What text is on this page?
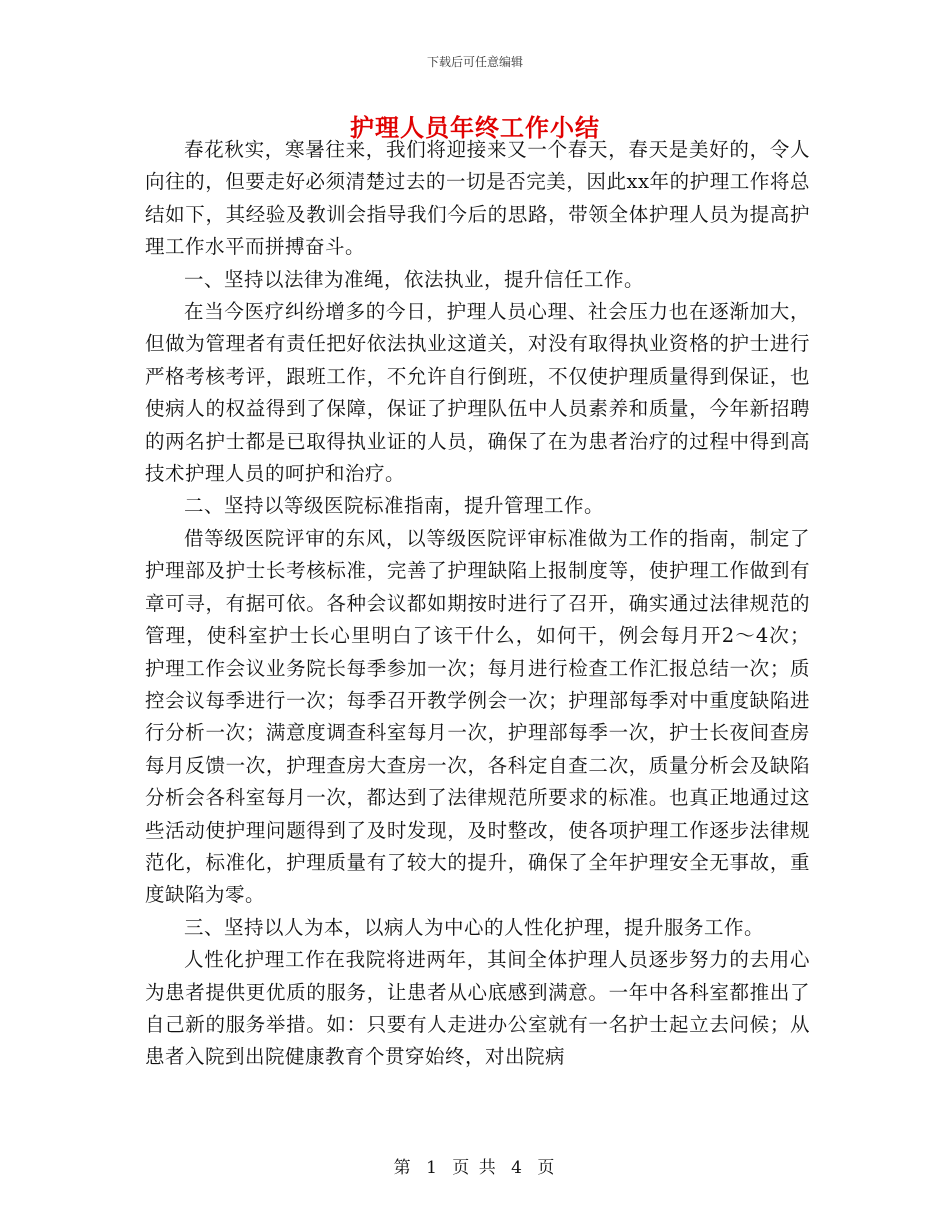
下载后可任意编辑
护理人员年终工作小结

春花秋实，寒暑往来，我们将迎接来又一个春天，春天是美好的，令人向往的，但要走好必须清楚过去的一切是否完美，因此xx年的护理工作将总结如下，其经验及教训会指导我们今后的思路，带领全体护理人员为提高护理工作水平而拼搏奋斗。

一、坚持以法律为准绳，依法执业，提升信任工作。

在当今医疗纠纷增多的今日，护理人员心理、社会压力也在逐渐加大，但做为管理者有责任把好依法执业这道关，对没有取得执业资格的护士进行严格考核考评，跟班工作，不允许自行倒班，不仅使护理质量得到保证，也使病人的权益得到了保障，保证了护理队伍中人员素养和质量，今年新招聘的两名护士都是已取得执业证的人员，确保了在为患者治疗的过程中得到高技术护理人员的呵护和治疗。

二、坚持以等级医院标准指南，提升管理工作。

借等级医院评审的东风，以等级医院评审标准做为工作的指南，制定了护理部及护士长考核标准，完善了护理缺陷上报制度等，使护理工作做到有章可寻，有据可依。各种会议都如期按时进行了召开，确实通过法律规范的管理，使科室护士长心里明白了该干什么，如何干，例会每月开2～4次；护理工作会议业务院长每季参加一次；每月进行检查工作汇报总结一次；质控会议每季进行一次；每季召开教学例会一次；护理部每季对中重度缺陷进行分析一次；满意度调查科室每月一次，护理部每季一次，护士长夜间查房每月反馈一次，护理查房大查房一次，各科定自查二次，质量分析会及缺陷分析会各科室每月一次，都达到了法律规范所要求的标准。也真正地通过这些活动使护理问题得到了及时发现，及时整改，使各项护理工作逐步法律规范化，标准化，护理质量有了较大的提升，确保了全年护理安全无事故，重度缺陷为零。

三、坚持以人为本，以病人为中心的人性化护理，提升服务工作。

人性化护理工作在我院将进两年，其间全体护理人员逐步努力的去用心为患者提供更优质的服务，让患者从心底感到满意。一年中各科室都推出了自己新的服务举措。如：只要有人走进办公室就有一名护士起立去问候；从患者入院到出院健康教育个贯穿始终，对出院病

第 1 页 共 4 页
